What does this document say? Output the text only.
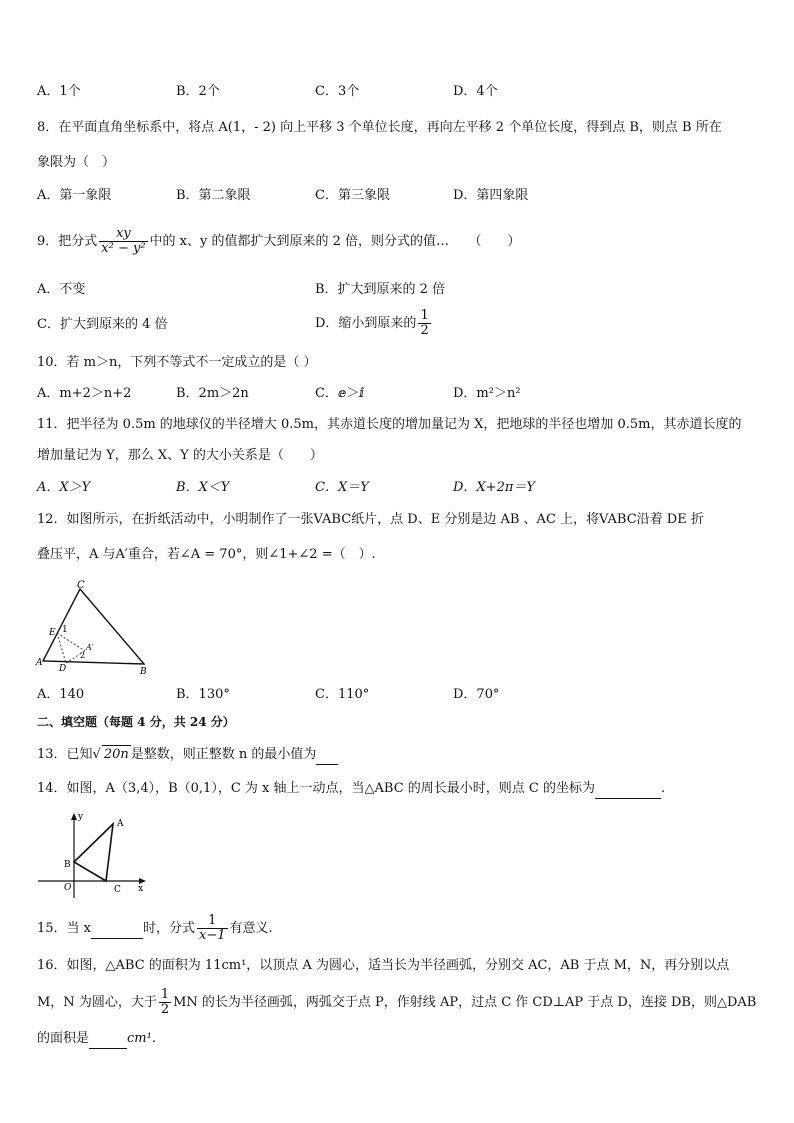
A．1个	B．2个	C．3个	D．4个
8．在平面直角坐标系中，将点 A(1，- 2) 向上平移 3 个单位长度，再向左平移 2 个单位长度，得到点 B，则点 B 所在
象限为（　）
A．第一象限	B．第二象限	C．第三象限	D．第四象限
9．把分式 $\frac{xy}{\text{x² − y²}}$ 中的 x、y 的值都扩大到原来的 2 倍，则分式的值…　　（　　）
A．不变	B．扩大到原来的 2 倍
C．扩大到原来的 4 倍	D．缩小到原来的 $\frac{1}{2}$
10．若 m＞n，下列不等式不一定成立的是（ ）
A．m+2＞n+2	B．2m＞2n	C．ⅇ＞ⅈ	D．m²＞n²
11．把半径为 0.5m 的地球仪的半径增大 0.5m，其赤道长度的增加量记为 X，把地球的半径也增加 0.5m，其赤道长度的
增加量记为 Y，那么 X、Y 的大小关系是（　　）
A．X＞Y	B．X＜Y	C．X＝Y	D．X+2π＝Y
12．如图所示，在折纸活动中，小明制作了一张VABC纸片，点 D、E 分别是边 AB 、AC 上，将VABC沿着 DE 折
叠压平，A 与A′重合，若∠A = 70°，则∠1+∠2 =（　）.
C
E 1
A′
2
A
D	B
A．140	B．130°	C．110°	D．70°
二、填空题（每题 4 分，共 24 分）
13．已知√ 20n 是整数，则正整数 n 的最小值为
14．如图，A（3,4），B（0,1），C 为 x 轴上一动点，当△ABC 的周长最小时，则点 C 的坐标为	.
y
A
B
O	C x
15．当 x	时，分式 $\frac{1}{x-1}$ 有意义.
16．如图，△ABC 的面积为 11cm¹，以顶点 A 为圆心，适当长为半径画弧，分别交 AC，AB 于点 M，N，再分别以点
M，N 为圆心，大于 $\frac{1}{2}$ MN 的长为半径画弧，两弧交于点 P，作射线 AP，过点 C 作 CD⊥AP 于点 D，连接 DB，则△DAB
的面积是	cm¹.
